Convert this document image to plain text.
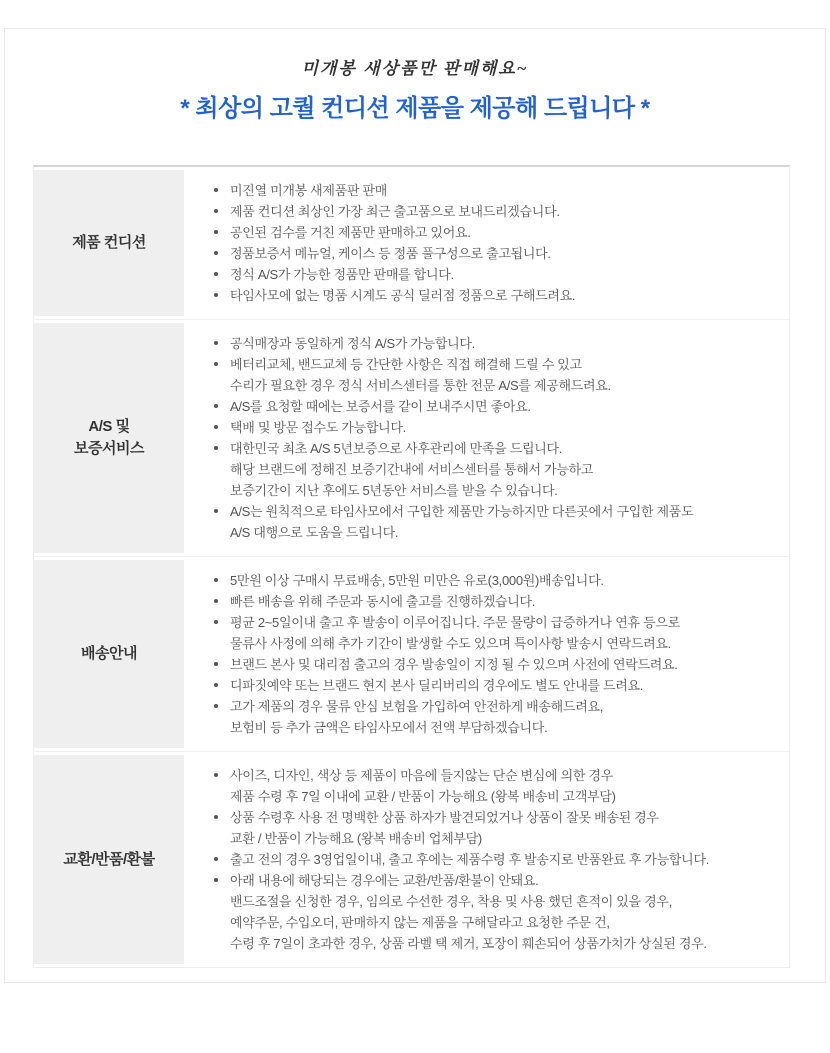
미개봉 새상품만 판매해요~
* 최상의 고퀄 컨디션 제품을 제공해 드립니다 *
제품 컨디션
미진열 미개봉 새제품판 판매
제품 컨디션 최상인 가장 최근 출고품으로 보내드리겠습니다.
공인된 검수를 거친 제품만 판매하고 있어요.
정품보증서 메뉴얼, 케이스 등 정품 풀구성으로 출고됩니다.
정식 A/S가 가능한 정품만 판매를 합니다.
타임사모에 없는 명품 시계도 공식 딜러점 정품으로 구해드려요.
A/S 및
보증서비스
공식매장과 동일하게 정식 A/S가 가능합니다.
베터리교체, 밴드교체 등 간단한 사항은 직접 해결해 드릴 수 있고
수리가 필요한 경우 정식 서비스센터를 통한 전문 A/S를 제공해드려요.
A/S를 요청할 때에는 보증서를 같이 보내주시면 좋아요.
택배 및 방문 접수도 가능합니다.
대한민국 최초 A/S 5년보증으로 사후관리에 만족을 드립니다.
해당 브랜드에 정해진 보증기간내에 서비스센터를 통해서 가능하고
보증기간이 지난 후에도 5년동안 서비스를 받을 수 있습니다.
A/S는 원칙적으로 타임사모에서 구입한 제품만 가능하지만 다른곳에서 구입한 제품도
A/S 대행으로 도움을 드립니다.
배송안내
5만원 이상 구매시 무료배송, 5만원 미만은 유로(3,000원)배송입니다.
빠른 배송을 위해 주문과 동시에 출고를 진행하겠습니다.
평균 2~5일이내 출고 후 발송이 이루어집니다. 주문 물량이 급증하거나 연휴 등으로
물류사 사정에 의해 추가 기간이 발생할 수도 있으며 특이사항 발송시 연락드려요.
브랜드 본사 및 대리점 출고의 경우 발송일이 지정 될 수 있으며 사전에 연락드려요.
디파짓예약 또는 브랜드 현지 본사 딜리버리의 경우에도 별도 안내를 드려요.
고가 제품의 경우 물류 안심 보험을 가입하여 안전하게 배송해드려요,
보험비 등 추가 금액은 타임사모에서 전액 부담하겠습니다.
교환/반품/환불
사이즈, 디자인, 색상 등 제품이 마음에 들지않는 단순 변심에 의한 경우
제품 수령 후 7일 이내에 교환 / 반품이 가능해요 (왕복 배송비 고객부담)
상품 수령후 사용 전 명백한 상품 하자가 발견되었거나 상품이 잘못 배송된 경우
교환 / 반품이 가능해요 (왕복 배송비 업체부담)
출고 전의 경우 3영업일이내, 출고 후에는 제품수령 후 발송지로 반품완료 후 가능합니다.
아래 내용에 해당되는 경우에는 교환/반품/환불이 안돼요.
밴드조절을 신청한 경우, 임의로 수선한 경우, 착용 및 사용 했던 흔적이 있을 경우,
예약주문, 수입오더, 판매하지 않는 제품을 구해달라고 요청한 주문 건,
수령 후 7일이 초과한 경우, 상품 라벨 택 제거, 포장이 훼손되어 상품가치가 상실된 경우.
